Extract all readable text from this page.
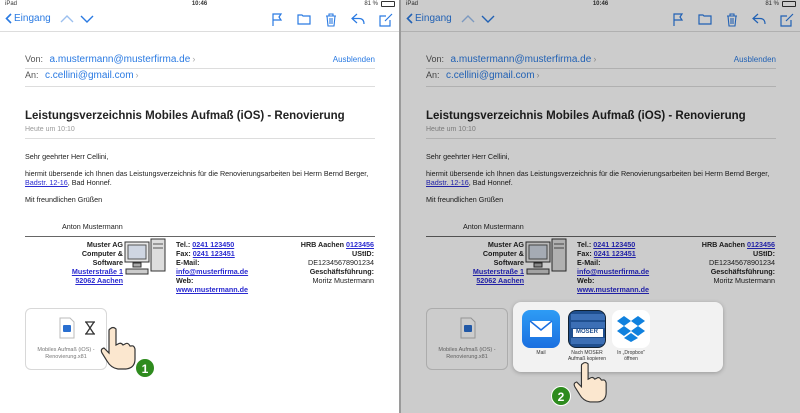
iPad	10:46	81 %
Eingang
Von: a.mustermann@musterfirma.de ›	Ausblenden
An: c.cellini@gmail.com ›
Leistungsverzeichnis Mobiles Aufmaß (iOS) - Renovierung
Heute um 10:10

Sehr geehrter Herr Cellini,

hiermit übersende ich Ihnen das Leistungsverzeichnis für die Renovierungsarbeiten bei Herrn Bernd Berger, Badstr. 12-16, Bad Honnef.

Mit freundlichen Grüßen

Anton Mustermann
Muster AG
Computer &
Software
Musterstraße 1
52062 Aachen
Tel.: 0241 123450
Fax: 0241 123451
E-Mail:
info@musterfirma.de
Web:
www.mustermann.de
HRB Aachen 0123456
UStID:
DE12345678901234
Geschäftsführung:
Moritz Mustermann
Mobiles Aufmaß (iOS) -
Renovierung.x81
1
iPad	10:46	81 %
Eingang
Von: a.mustermann@musterfirma.de ›	Ausblenden
An: c.cellini@gmail.com ›
Leistungsverzeichnis Mobiles Aufmaß (iOS) - Renovierung
Heute um 10:10

Sehr geehrter Herr Cellini,

hiermit übersende ich Ihnen das Leistungsverzeichnis für die Renovierungsarbeiten bei Herrn Bernd Berger, Badstr. 12-16, Bad Honnef.

Mit freundlichen Grüßen

Anton Mustermann
Muster AG
Computer &
Software
Musterstraße 1
52062 Aachen
Tel.: 0241 123450
Fax: 0241 123451
E-Mail:
info@musterfirma.de
Web:
www.mustermann.de
HRB Aachen 0123456
UStID:
DE12345678901234
Geschäftsführung:
Moritz Mustermann
Mobiles Aufmaß (iOS) -
Renovierung.x81
Mail
MOSER
Nach MOSER
Aufmaß kopieren
In „Dropbox“
öffnen
2
